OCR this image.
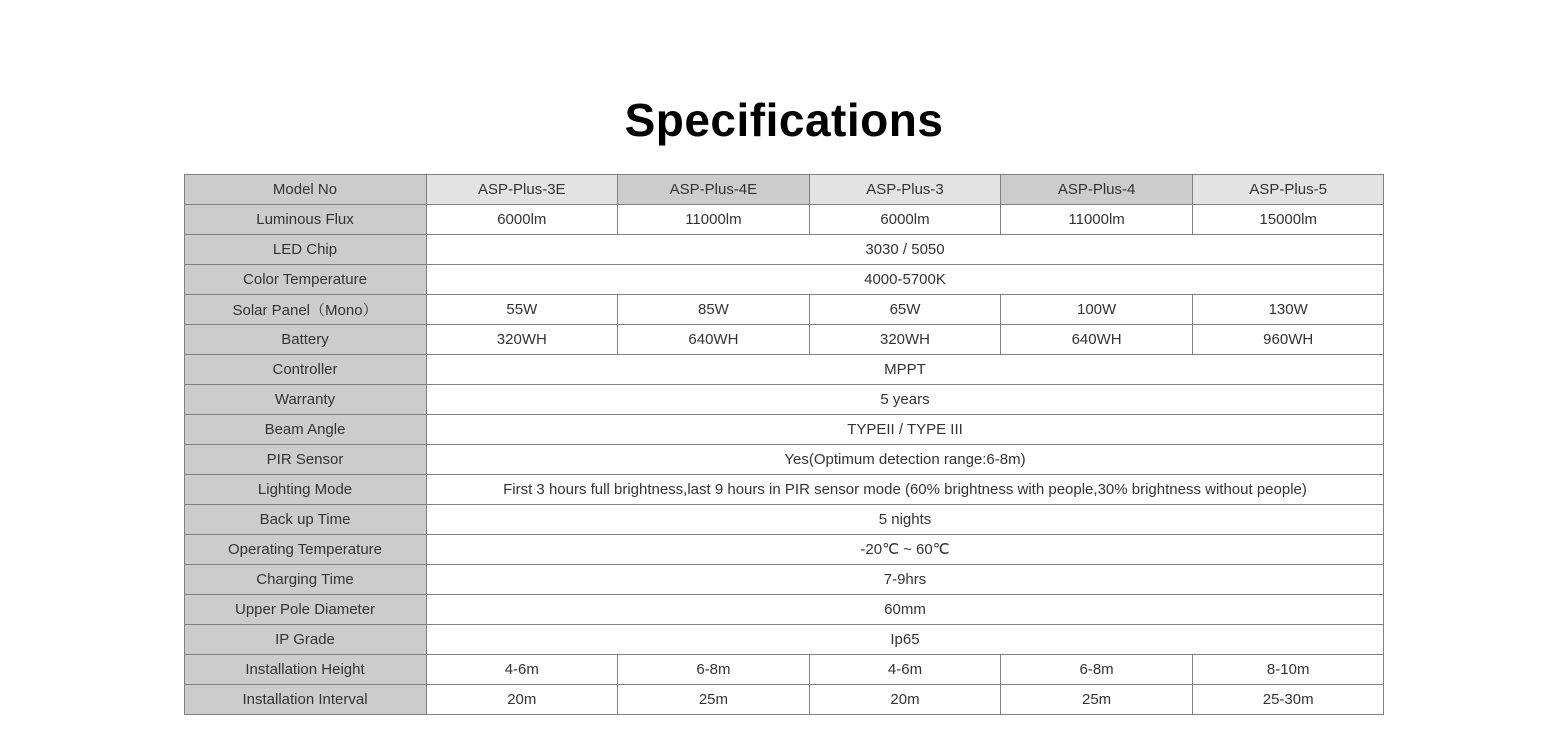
Specifications
Model No	ASP-Plus-3E	ASP-Plus-4E	ASP-Plus-3	ASP-Plus-4	ASP-Plus-5
Luminous Flux	6000lm	11000lm	6000lm	11000lm	15000lm
LED Chip	3030 / 5050				
Color Temperature	4000-5700K				
Solar Panel（Mono）	55W	85W	65W	100W	130W
Battery	320WH	640WH	320WH	640WH	960WH
Controller	MPPT				
Warranty	5 years				
Beam Angle	TYPEII / TYPE III				
PIR Sensor	Yes(Optimum detection range:6-8m)				
Lighting Mode	First 3 hours full brightness,last 9 hours in PIR sensor mode (60% brightness with people,30% brightness without people)				
Back up Time	5 nights				
Operating Temperature	-20℃ ~ 60℃				
Charging Time	7-9hrs				
Upper Pole Diameter	60mm				
IP Grade	Ip65				
Installation Height	4-6m	6-8m	4-6m	6-8m	8-10m
Installation Interval	20m	25m	20m	25m	25-30m
